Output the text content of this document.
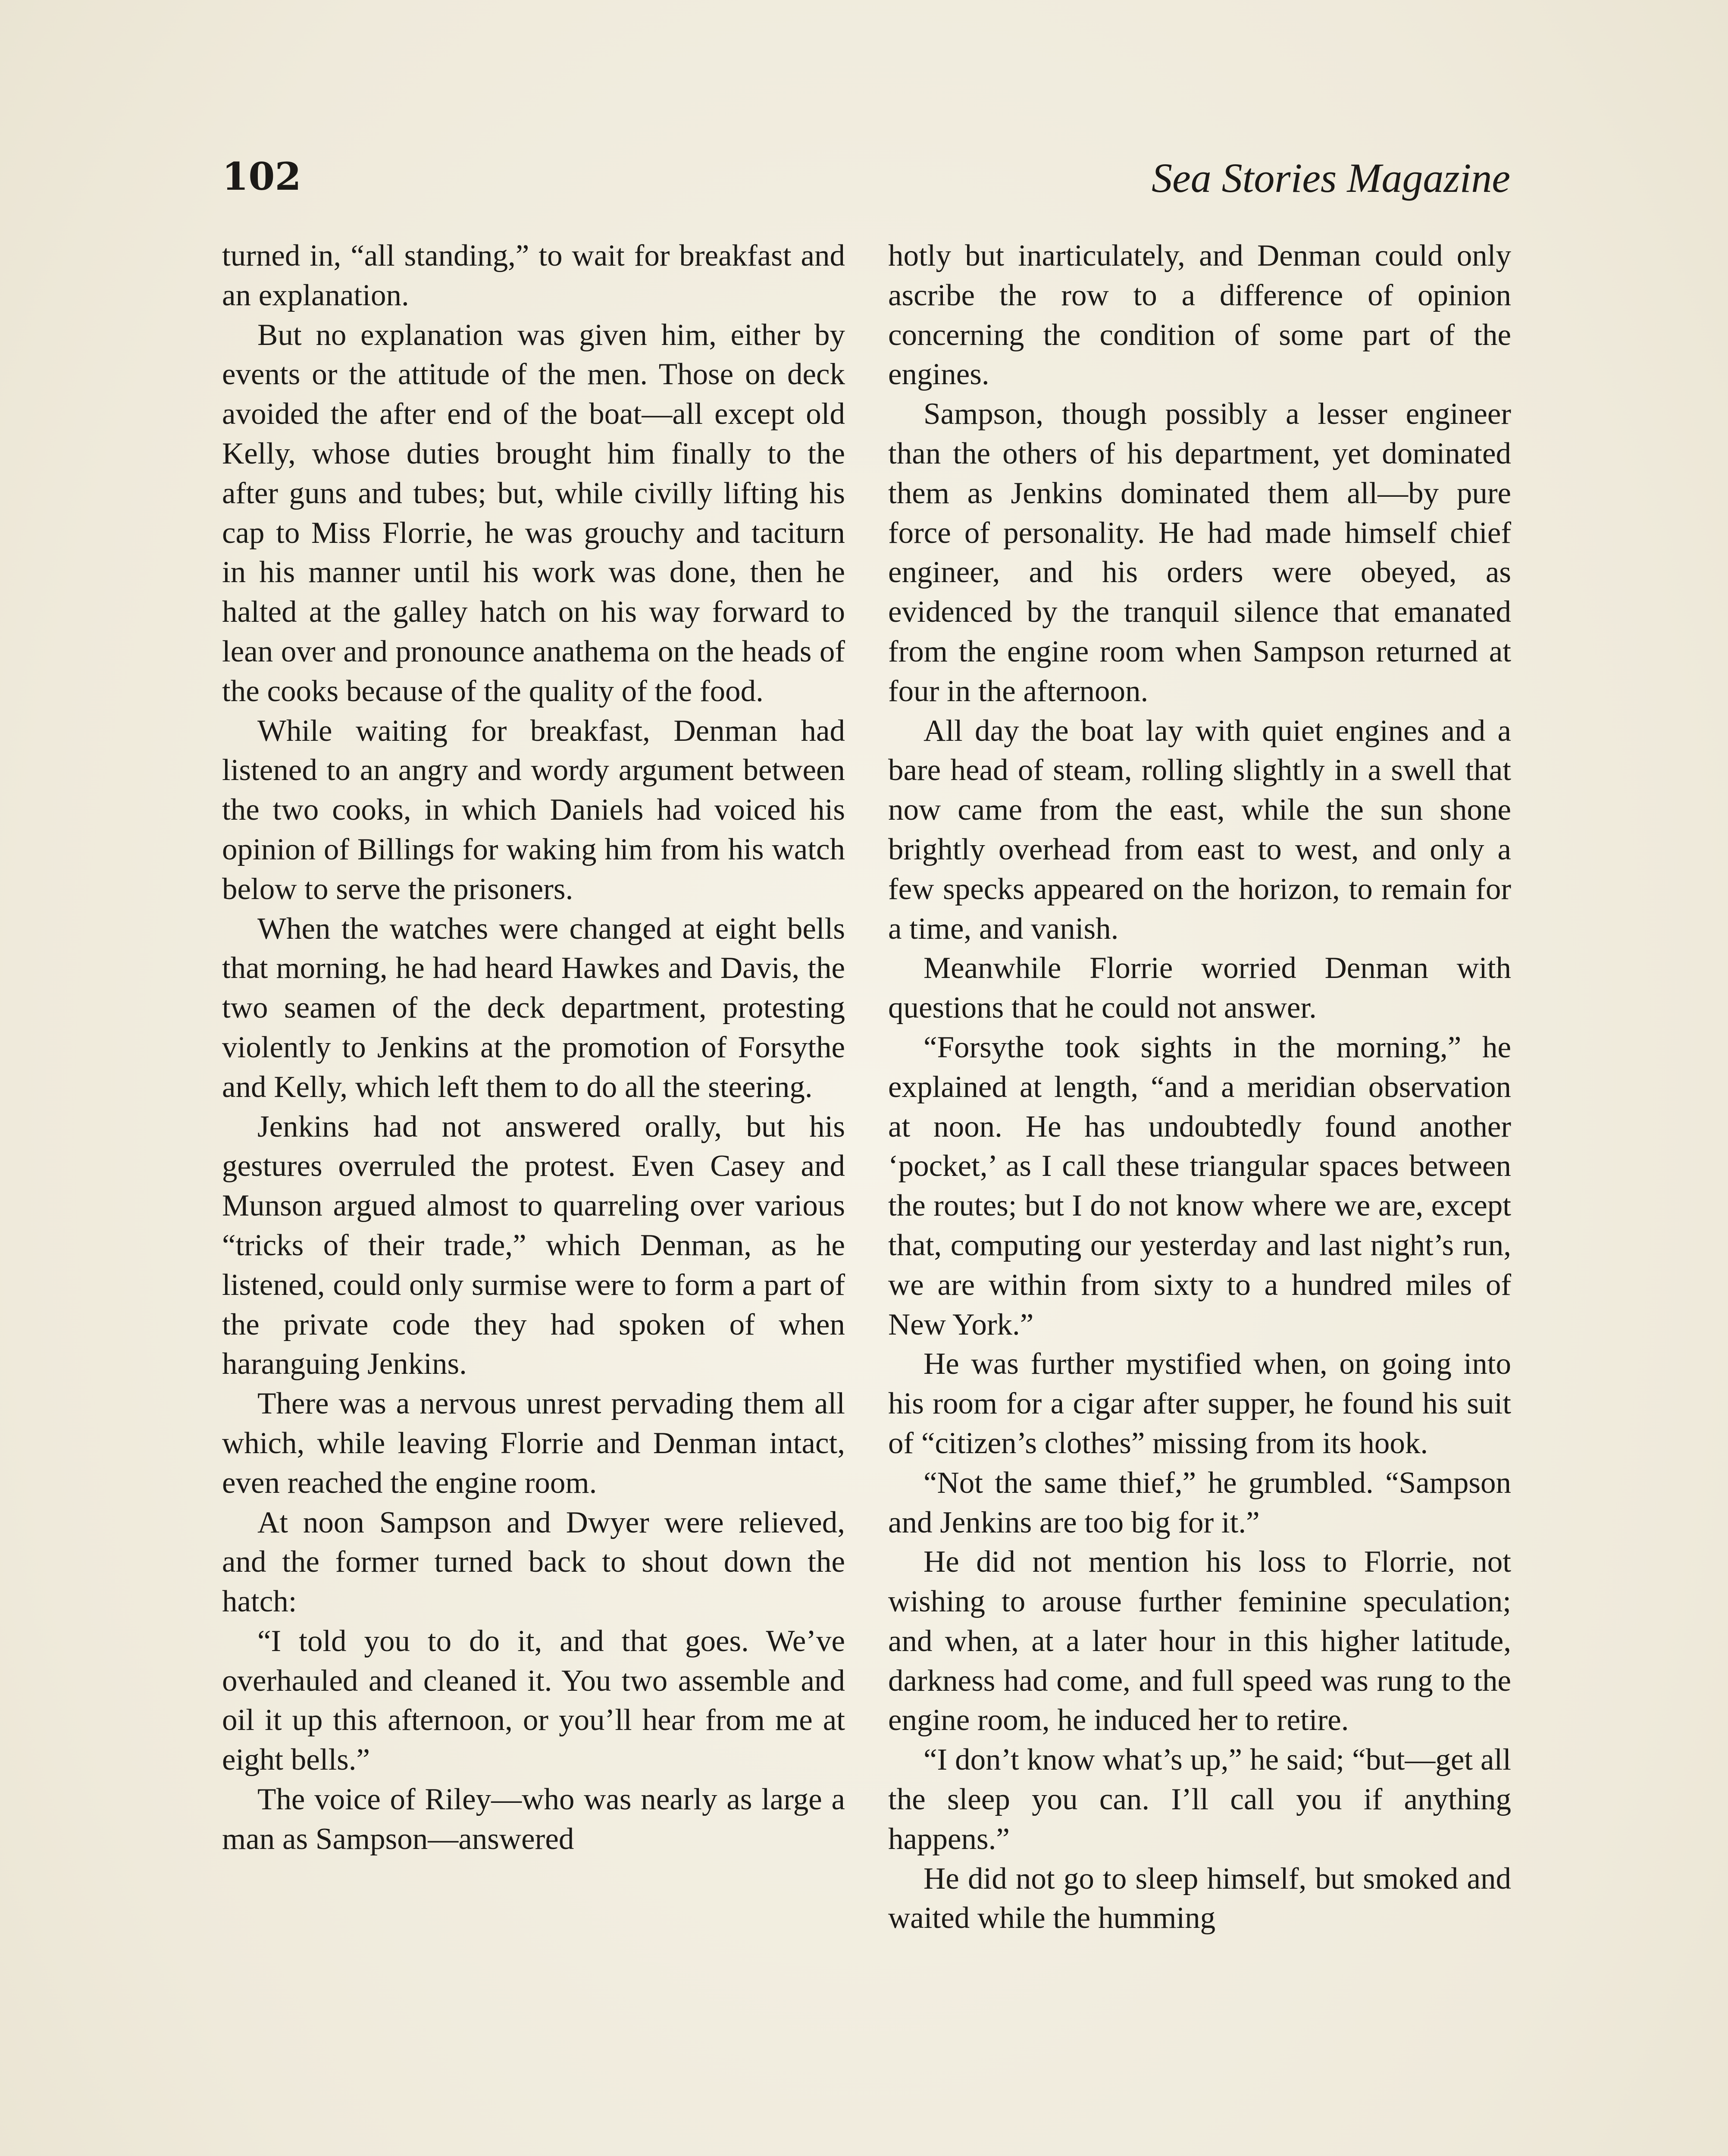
102	Sea Stories Magazine

turned in, “all standing,” to wait for breakfast and an explanation.

But no explanation was given him, either by events or the attitude of the men. Those on deck avoided the after end of the boat—all except old Kelly, whose duties brought him finally to the after guns and tubes; but, while civilly lifting his cap to Miss Florrie, he was grouchy and taciturn in his manner until his work was done, then he halted at the galley hatch on his way forward to lean over and pronounce anathema on the heads of the cooks because of the quality of the food.

While waiting for breakfast, Denman had listened to an angry and wordy argument between the two cooks, in which Daniels had voiced his opinion of Billings for waking him from his watch below to serve the prisoners.

When the watches were changed at eight bells that morning, he had heard Hawkes and Davis, the two seamen of the deck department, protesting violently to Jenkins at the promotion of Forsythe and Kelly, which left them to do all the steering.

Jenkins had not answered orally, but his gestures overruled the protest. Even Casey and Munson argued almost to quarreling over various “tricks of their trade,” which Denman, as he listened, could only surmise were to form a part of the private code they had spoken of when haranguing Jenkins.

There was a nervous unrest pervading them all which, while leaving Florrie and Denman intact, even reached the engine room.

At noon Sampson and Dwyer were relieved, and the former turned back to shout down the hatch:

“I told you to do it, and that goes. We’ve overhauled and cleaned it. You two assemble and oil it up this afternoon, or you’ll hear from me at eight bells.”

The voice of Riley—who was nearly as large a man as Sampson—answered

hotly but inarticulately, and Denman could only ascribe the row to a difference of opinion concerning the condition of some part of the engines.

Sampson, though possibly a lesser engineer than the others of his department, yet dominated them as Jenkins dominated them all—by pure force of personality. He had made himself chief engineer, and his orders were obeyed, as evidenced by the tranquil silence that emanated from the engine room when Sampson returned at four in the afternoon.

All day the boat lay with quiet engines and a bare head of steam, rolling slightly in a swell that now came from the east, while the sun shone brightly overhead from east to west, and only a few specks appeared on the horizon, to remain for a time, and vanish.

Meanwhile Florrie worried Denman with questions that he could not answer.

“Forsythe took sights in the morning,” he explained at length, “and a meridian observation at noon. He has undoubtedly found another ‘pocket,’ as I call these triangular spaces between the routes; but I do not know where we are, except that, computing our yesterday and last night’s run, we are within from sixty to a hundred miles of New York.”

He was further mystified when, on going into his room for a cigar after supper, he found his suit of “citizen’s clothes” missing from its hook.

“Not the same thief,” he grumbled. “Sampson and Jenkins are too big for it.”

He did not mention his loss to Florrie, not wishing to arouse further feminine speculation; and when, at a later hour in this higher latitude, darkness had come, and full speed was rung to the engine room, he induced her to retire.

“I don’t know what’s up,” he said; “but—get all the sleep you can. I’ll call you if anything happens.”

He did not go to sleep himself, but smoked and waited while the humming
